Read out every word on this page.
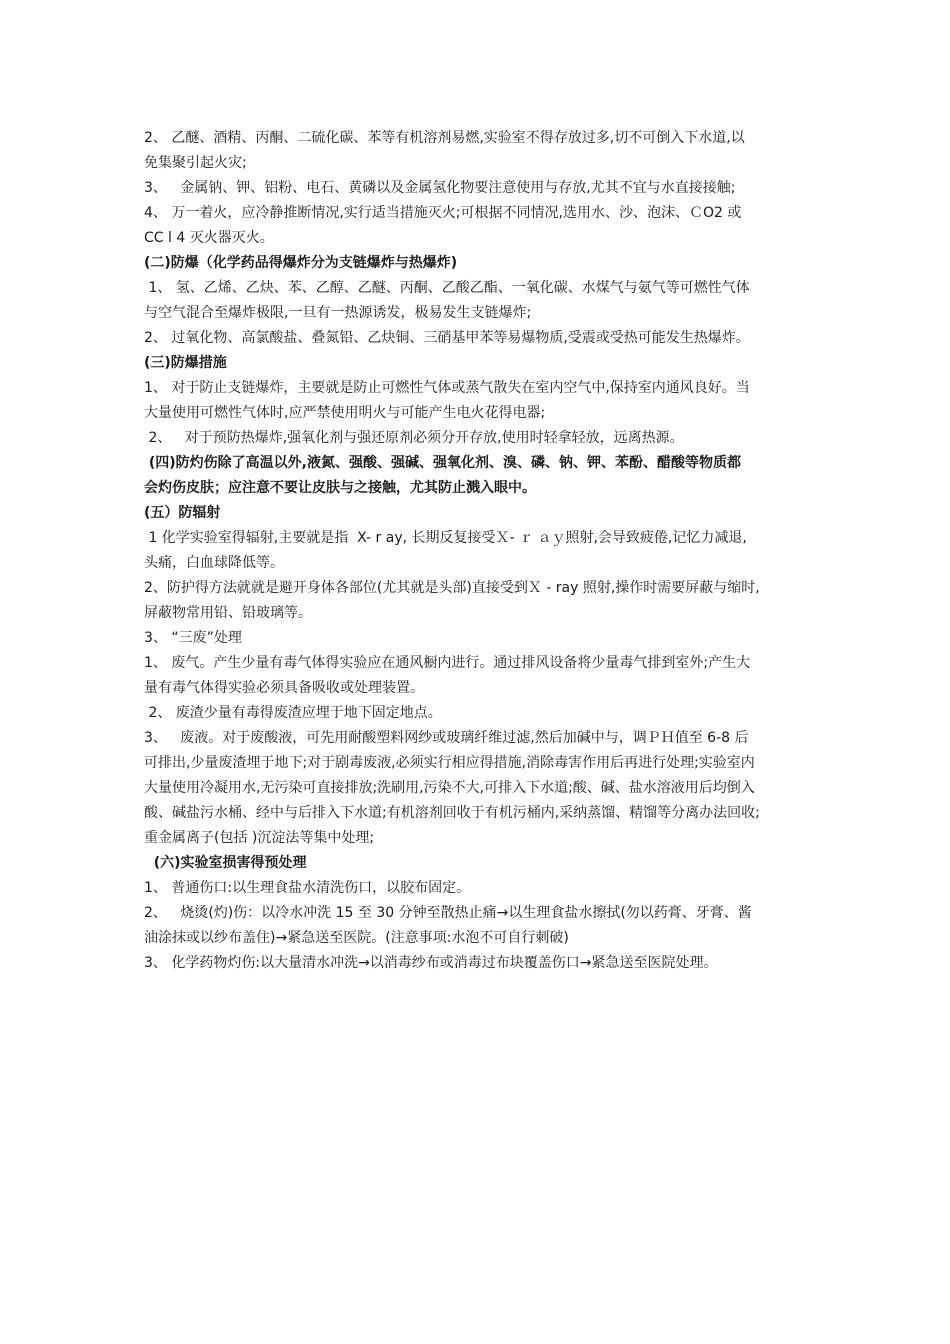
2、 乙醚、酒精、丙酮、二硫化碳、苯等有机溶剂易燃,实验室不得存放过多,切不可倒入下水道,以
免集聚引起火灾;
3、   金属钠、钾、铝粉、电石、黄磷以及金属氢化物要注意使用与存放,尤其不宜与水直接接触;
4、 万一着火，应冷静推断情况,实行适当措施灭火;可根据不同情况,选用水、沙、泡沫、ＣO2 或
CC l 4 灭火器灭火。
(二)防爆（化学药品得爆炸分为支链爆炸与热爆炸)
1、 氢、乙烯、乙炔、苯、乙醇、乙醚、丙酮、乙酸乙酯、一氧化碳、水煤气与氨气等可燃性气体
与空气混合至爆炸极限,一旦有一热源诱发，极易发生支链爆炸;
2、 过氧化物、高氯酸盐、叠氮铅、乙炔铜、三硝基甲苯等易爆物质,受震或受热可能发生热爆炸。
(三)防爆措施
1、 对于防止支链爆炸，主要就是防止可燃性气体或蒸气散失在室内空气中,保持室内通风良好。当
大量使用可燃性气体时,应严禁使用明火与可能产生电火花得电器;
2、   对于预防热爆炸,强氧化剂与强还原剂必须分开存放,使用时轻拿轻放，远离热源。
(四)防灼伤除了高温以外,液氮、强酸、强碱、强氧化剂、溴、磷、钠、钾、苯酚、醋酸等物质都
会灼伤皮肤；应注意不要让皮肤与之接触，尤其防止溅入眼中。
(五）防辐射
1 化学实验室得辐射,主要就是指  X- r ay, 长期反复接受Ｘ- ｒ ａｙ照射,会导致疲倦,记忆力减退,
头痛，白血球降低等。
2、防护得方法就就是避开身体各部位(尤其就是头部)直接受到Ｘ - ray 照射,操作时需要屏蔽与缩时,
屏蔽物常用铅、铅玻璃等。
3、 “三废”处理
1、 废气。产生少量有毒气体得实验应在通风橱内进行。通过排风设备将少量毒气排到室外;产生大
量有毒气体得实验必须具备吸收或处理装置。
2、 废渣少量有毒得废渣应埋于地下固定地点。
3、   废液。对于废酸液，可先用耐酸塑料网纱或玻璃纤维过滤,然后加碱中与，调ＰＨ值至 6-8 后
可排出,少量废渣埋于地下;对于剧毒废液,必须实行相应得措施,消除毒害作用后再进行处理;实验室内
大量使用冷凝用水,无污染可直接排放;洗刷用,污染不大,可排入下水道;酸、碱、盐水溶液用后均倒入
酸、碱盐污水桶、经中与后排入下水道;有机溶剂回收于有机污桶内,采纳蒸馏、精馏等分离办法回收;
重金属离子(包括 )沉淀法等集中处理;
(六)实验室损害得预处理
1、 普通伤口:以生理食盐水清洗伤口，以胶布固定。
2、   烧烫(灼)伤：以冷水冲洗 15 至 30 分钟至散热止痛→以生理食盐水擦拭(勿以药膏、牙膏、酱
油涂抹或以纱布盖住)→紧急送至医院。(注意事项:水泡不可自行刺破)
3、 化学药物灼伤:以大量清水冲洗→以消毒纱布或消毒过布块覆盖伤口→紧急送至医院处理。
